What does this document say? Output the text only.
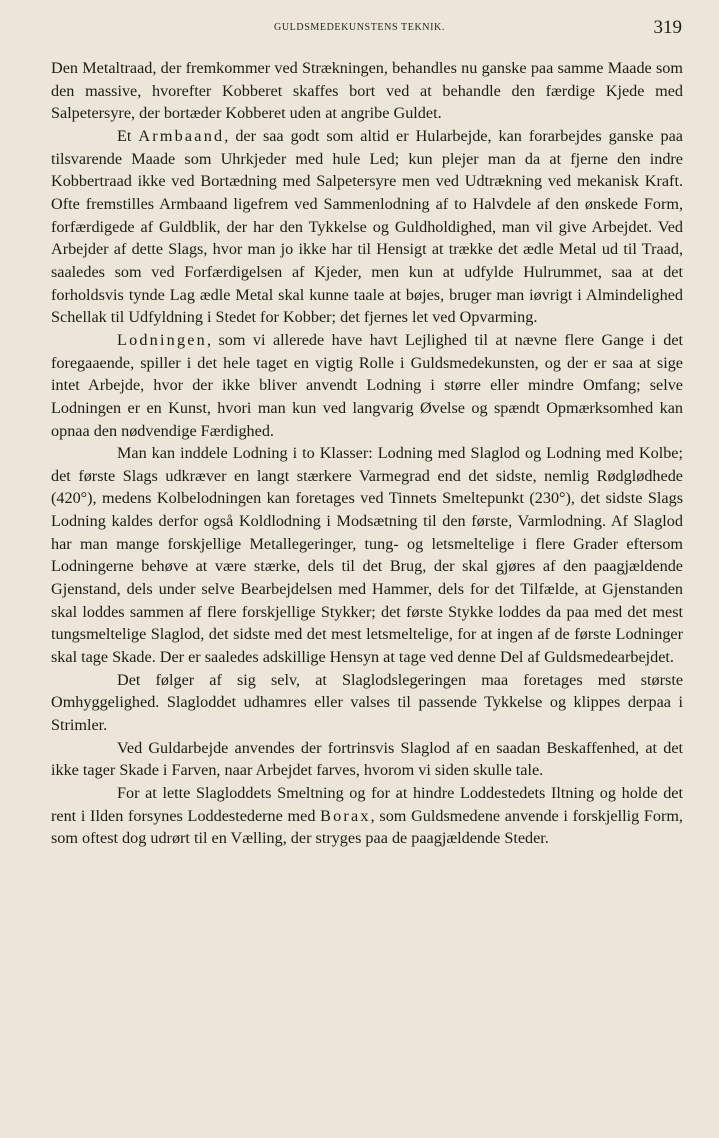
GULDSMEDEKUNSTENS TEKNIK.	319

Den Metaltraad, der fremkommer ved Strækningen, behandles nu ganske paa samme Maade som den massive, hvorefter Kobberet skaffes bort ved at behandle den færdige Kjede med Salpetersyre, der bortæder Kobberet uden at angribe Guldet.

Et Armbaand, der saa godt som altid er Hularbejde, kan forarbejdes ganske paa tilsvarende Maade som Uhrkjeder med hule Led; kun plejer man da at fjerne den indre Kobbertraad ikke ved Bortædning med Salpetersyre men ved Udtrækning ved mekanisk Kraft. Ofte fremstilles Armbaand ligefrem ved Sammenlodning af to Halvdele af den ønskede Form, forfærdigede af Guldblik, der har den Tykkelse og Guldholdighed, man vil give Arbejdet. Ved Arbejder af dette Slags, hvor man jo ikke har til Hensigt at trække det ædle Metal ud til Traad, saaledes som ved Forfærdigelsen af Kjeder, men kun at udfylde Hulrummet, saa at det forholdsvis tynde Lag ædle Metal skal kunne taale at bøjes, bruger man iøvrigt i Almindelighed Schellak til Udfyldning i Stedet for Kobber; det fjernes let ved Opvarming.

Lodningen, som vi allerede have havt Lejlighed til at nævne flere Gange i det foregaaende, spiller i det hele taget en vigtig Rolle i Guldsmedekunsten, og der er saa at sige intet Arbejde, hvor der ikke bliver anvendt Lodning i større eller mindre Omfang; selve Lodningen er en Kunst, hvori man kun ved langvarig Øvelse og spændt Opmærksomhed kan opnaa den nødvendige Færdighed.

Man kan inddele Lodning i to Klasser: Lodning med Slaglod og Lodning med Kolbe; det første Slags udkræver en langt stærkere Varmegrad end det sidste, nemlig Rødglødhede (420°), medens Kolbelodningen kan foretages ved Tinnets Smeltepunkt (230°), det sidste Slags Lodning kaldes derfor også Koldlodning i Modsætning til den første, Varmlodning. Af Slaglod har man mange forskjellige Metallegeringer, tung- og letsmeltelige i flere Grader eftersom Lodningerne behøve at være stærke, dels til det Brug, der skal gjøres af den paagjældende Gjenstand, dels under selve Bearbejdelsen med Hammer, dels for det Tilfælde, at Gjenstanden skal loddes sammen af flere forskjellige Stykker; det første Stykke loddes da paa med det mest tungsmeltelige Slaglod, det sidste med det mest letsmeltelige, for at ingen af de første Lodninger skal tage Skade. Der er saaledes adskillige Hensyn at tage ved denne Del af Guldsmedearbejdet.

Det følger af sig selv, at Slaglodslegeringen maa foretages med største Omhyggelighed. Slagloddet udhamres eller valses til passende Tykkelse og klippes derpaa i Strimler.

Ved Guldarbejde anvendes der fortrinsvis Slaglod af en saadan Beskaffenhed, at det ikke tager Skade i Farven, naar Arbejdet farves, hvorom vi siden skulle tale.

For at lette Slagloddets Smeltning og for at hindre Loddestedets Iltning og holde det rent i Ilden forsynes Loddestederne med Borax, som Guldsmedene anvende i forskjellig Form, som oftest dog udrørt til en Vælling, der stryges paa de paagjældende Steder.
